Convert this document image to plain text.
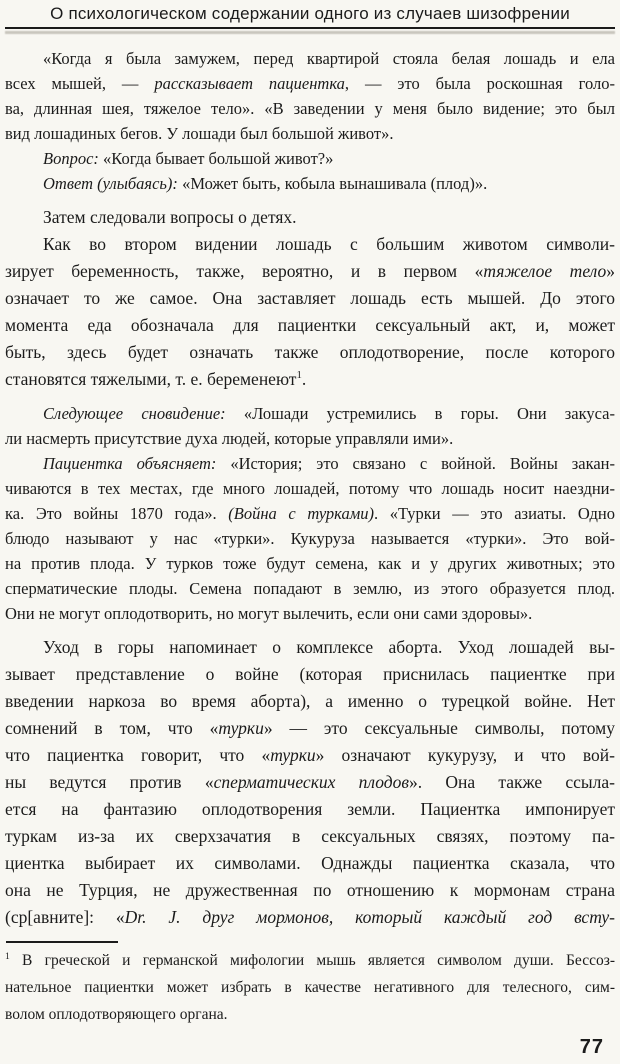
О психологическом содержании одного из случаев шизофрении
«Когда я была замужем, перед квартирой стояла белая лошадь и ела
всех мышей, — рассказывает пациентка, — это была роскошная голо-
ва, длинная шея, тяжелое тело». «В заведении у меня было видение; это был
вид лошадиных бегов. У лошади был большой живот».
Вопрос: «Когда бывает большой живот?»
Ответ (улыбаясь): «Может быть, кобыла вынашивала (плод)».
Затем следовали вопросы о детях.
Как во втором видении лошадь с большим животом символи-
зирует беременность, также, вероятно, и в первом «тяжелое тело»
означает то же самое. Она заставляет лошадь есть мышей. До этого
момента еда обозначала для пациентки сексуальный акт, и, может
быть, здесь будет означать также оплодотворение, после которого
становятся тяжелыми, т. е. беременеют$^1$.
Следующее сновидение: «Лошади устремились в горы. Они закуса-
ли насмерть присутствие духа людей, которые управляли ими».
Пациентка объясняет: «История; это связано с войной. Войны закан-
чиваются в тех местах, где много лошадей, потому что лошадь носит наездни-
ка. Это войны 1870 года». (Война с турками). «Турки — это азиаты. Одно
блюдо называют у нас «турки». Кукуруза называется «турки». Это вой-
на против плода. У турков тоже будут семена, как и у других животных; это
сперматические плоды. Семена попадают в землю, из этого образуется плод.
Они не могут оплодотворить, но могут вылечить, если они сами здоровы».
Уход в горы напоминает о комплексе аборта. Уход лошадей вы-
зывает представление о войне (которая приснилась пациентке при
введении наркоза во время аборта), а именно о турецкой войне. Нет
сомнений в том, что «турки» — это сексуальные символы, потому
что пациентка говорит, что «турки» означают кукурузу, и что вой-
ны ведутся против «сперматических плодов». Она также ссыла-
ется на фантазию оплодотворения земли. Пациентка импонирует
туркам из-за их сверхзачатия в сексуальных связях, поэтому па-
циентка выбирает их символами. Однажды пациентка сказала, что
она не Турция, не дружественная по отношению к мормонам страна
(ср[авните]: «Dr. J. друг мормонов, который каждый год всту-
$^1$ В греческой и германской мифологии мышь является символом души. Бессоз-
нательное пациентки может избрать в качестве негативного для телесного, сим-
волом оплодотворяющего органа.
77
